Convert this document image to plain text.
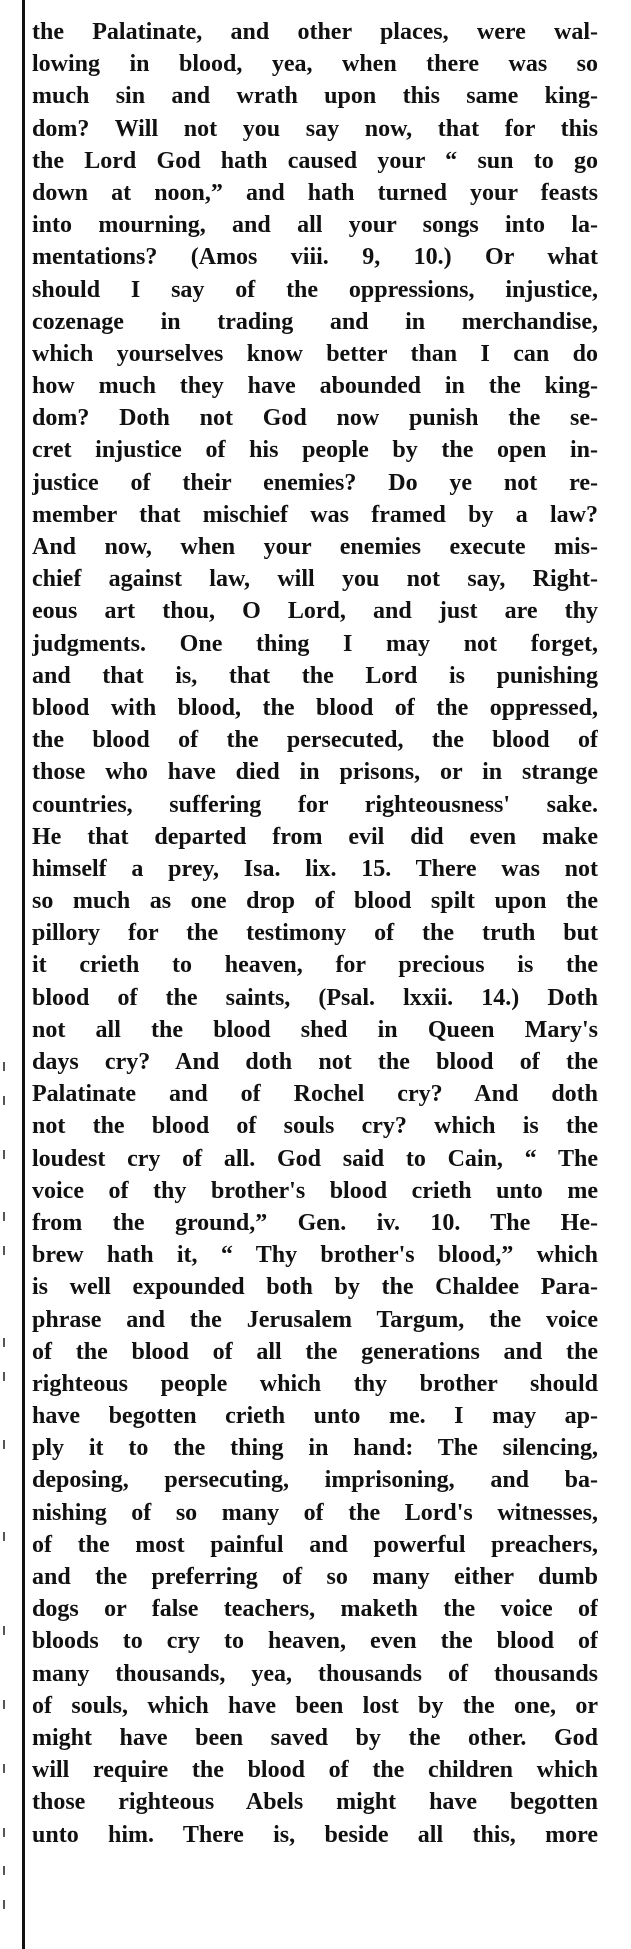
the Palatinate, and other places, were wal-
lowing in blood, yea, when there was so
much sin and wrath upon this same king-
dom? Will not you say now, that for this
the Lord God hath caused your “ sun to go
down at noon,” and hath turned your feasts
into mourning, and all your songs into la-
mentations? (Amos viii. 9, 10.) Or what
should I say of the oppressions, injustice,
cozenage in trading and in merchandise,
which yourselves know better than I can do
how much they have abounded in the king-
dom? Doth not God now punish the se-
cret injustice of his people by the open in-
justice of their enemies? Do ye not re-
member that mischief was framed by a law?
And now, when your enemies execute mis-
chief against law, will you not say, Right-
eous art thou, O Lord, and just are thy
judgments. One thing I may not forget,
and that is, that the Lord is punishing
blood with blood, the blood of the oppressed,
the blood of the persecuted, the blood of
those who have died in prisons, or in strange
countries, suffering for righteousness' sake.
He that departed from evil did even make
himself a prey, Isa. lix. 15. There was not
so much as one drop of blood spilt upon the
pillory for the testimony of the truth but
it crieth to heaven, for precious is the
blood of the saints, (Psal. lxxii. 14.) Doth
not all the blood shed in Queen Mary's
days cry? And doth not the blood of the
Palatinate and of Rochel cry? And doth
not the blood of souls cry? which is the
loudest cry of all. God said to Cain, “ The
voice of thy brother's blood crieth unto me
from the ground,” Gen. iv. 10. The He-
brew hath it, “ Thy brother's blood,” which
is well expounded both by the Chaldee Para-
phrase and the Jerusalem Targum, the voice
of the blood of all the generations and the
righteous people which thy brother should
have begotten crieth unto me. I may ap-
ply it to the thing in hand: The silencing,
deposing, persecuting, imprisoning, and ba-
nishing of so many of the Lord's witnesses,
of the most painful and powerful preachers,
and the preferring of so many either dumb
dogs or false teachers, maketh the voice of
bloods to cry to heaven, even the blood of
many thousands, yea, thousands of thousands
of souls, which have been lost by the one, or
might have been saved by the other. God
will require the blood of the children which
those righteous Abels might have begotten
unto him. There is, beside all this, more
